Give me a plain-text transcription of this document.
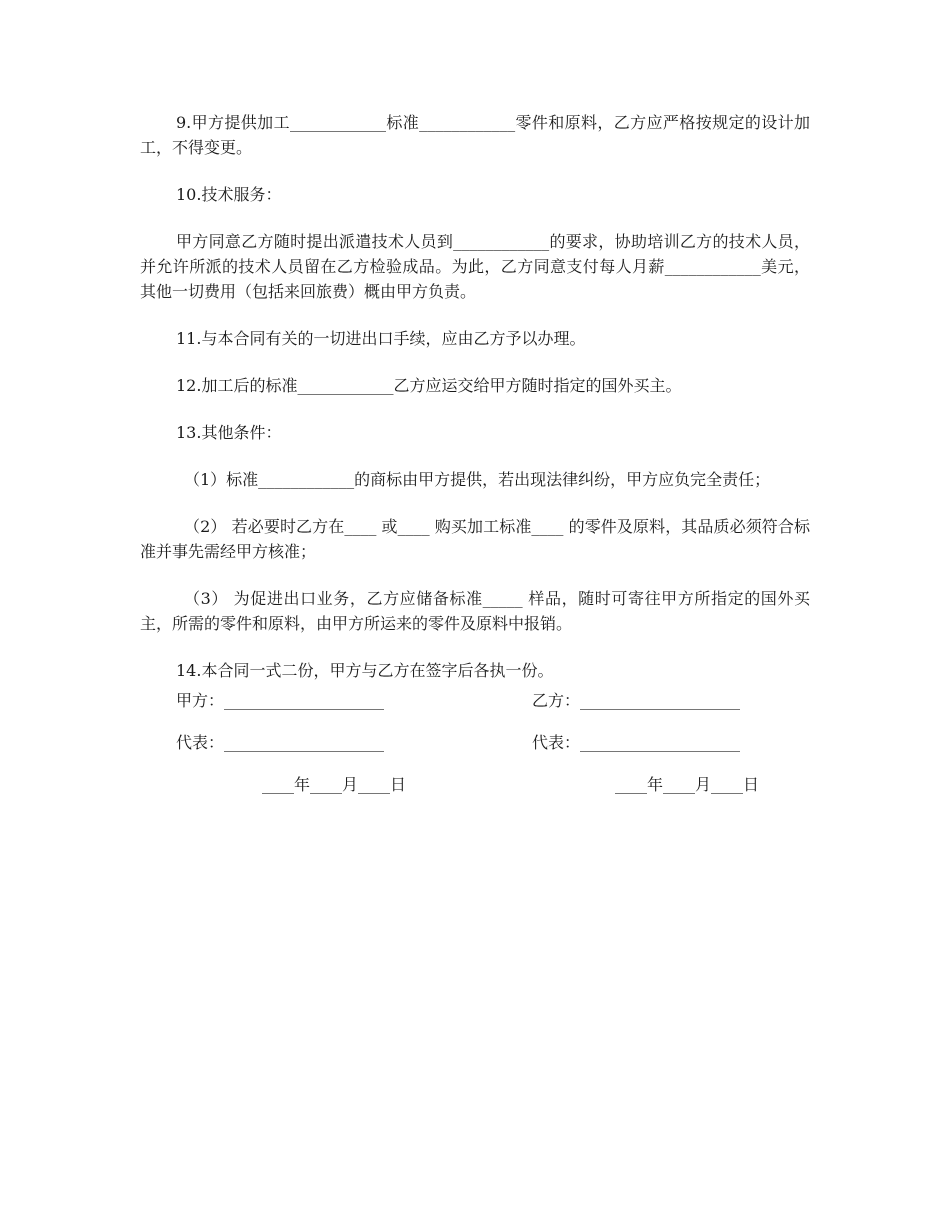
9.甲方提供加工____________标准____________零件和原料，乙方应严格按规定的设计加工，不得变更。

10.技术服务：

甲方同意乙方随时提出派遣技术人员到____________的要求，协助培训乙方的技术人员，并允许所派的技术人员留在乙方检验成品。为此，乙方同意支付每人月薪____________美元，其他一切费用（包括来回旅费）概由甲方负责。

11.与本合同有关的一切进出口手续，应由乙方予以办理。

12.加工后的标准____________乙方应运交给甲方随时指定的国外买主。

13.其他条件：

（1）标准____________的商标由甲方提供，若出现法律纠纷，甲方应负完全责任；

（2） 若必要时乙方在____ 或____ 购买加工标准____ 的零件及原料，其品质必须符合标准并事先需经甲方核准；

（3） 为促进出口业务，乙方应储备标准_____ 样品，随时可寄往甲方所指定的国外买主，所需的零件和原料，由甲方所运来的零件及原料中报销。

14.本合同一式二份，甲方与乙方在签字后各执一份。

甲方：____________________	乙方：____________________
代表：____________________	代表：____________________
____年____月____日	____年____月____日
